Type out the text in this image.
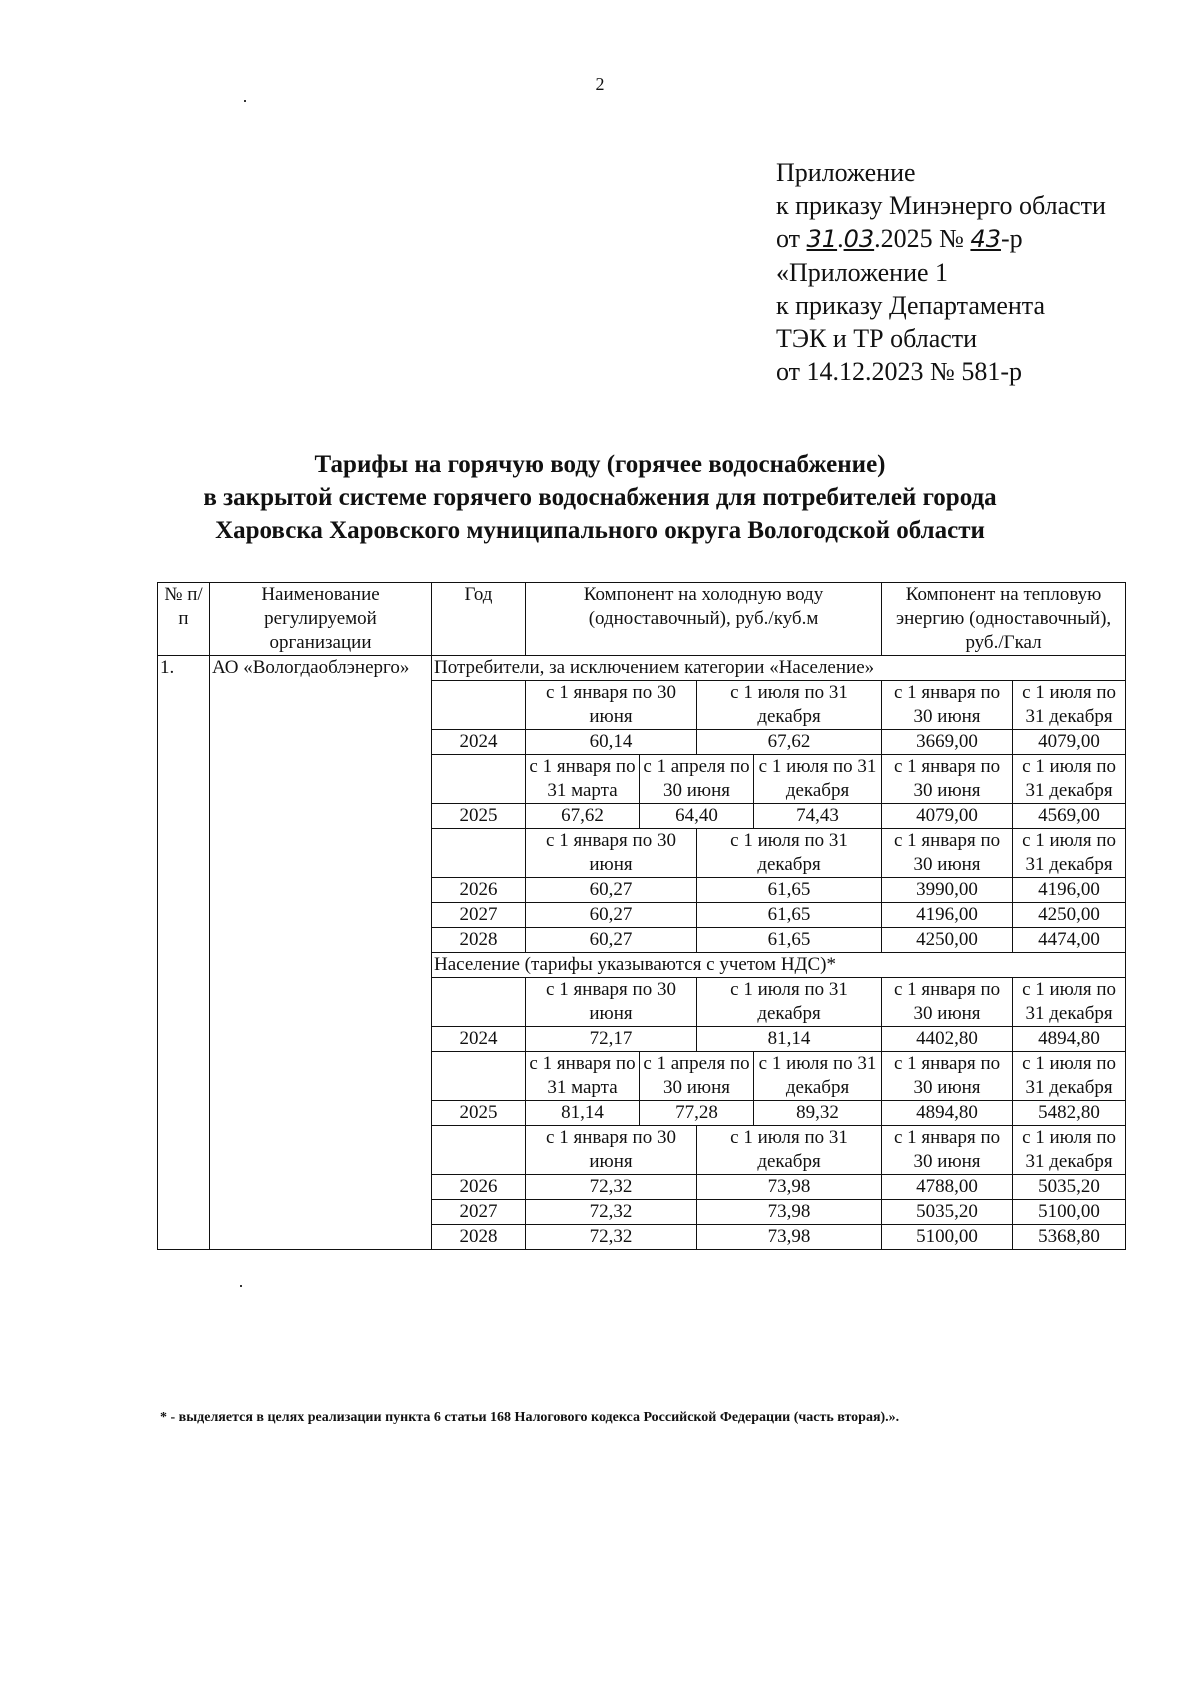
2
Приложение
к приказу Минэнерго области
от 31.03.2025 № 43-р
«Приложение 1
к приказу Департамента
ТЭК и ТР области
от 14.12.2023 № 581-р
Тарифы на горячую воду (горячее водоснабжение)
в закрытой системе горячего водоснабжения для потребителей города
Харовска Харовского муниципального округа Вологодской области
№ п/п	Наименование регулируемой организации	Год	Компонент на холодную воду (одноставочный), руб./куб.м				Компонент на тепловую энергию (одноставочный), руб./Гкал	
1.	АО «Вологдаоблэнерго»	Потребители, за исключением категории «Население»						
			с 1 января по 30 июня		с 1 июля по 31 декабря		с 1 января по 30 июня	с 1 июля по 31 декабря
		2024	60,14		67,62		3669,00	4079,00
			с 1 января по 31 марта	с 1 апреля по 30 июня		с 1 июля по 31 декабря	с 1 января по 30 июня	с 1 июля по 31 декабря
		2025	67,62	64,40		74,43	4079,00	4569,00
			с 1 января по 30 июня		с 1 июля по 31 декабря		с 1 января по 30 июня	с 1 июля по 31 декабря
		2026	60,27		61,65		3990,00	4196,00
		2027	60,27		61,65		4196,00	4250,00
		2028	60,27		61,65		4250,00	4474,00
		Население (тарифы указываются с учетом НДС)*						
			с 1 января по 30 июня		с 1 июля по 31 декабря		с 1 января по 30 июня	с 1 июля по 31 декабря
		2024	72,17		81,14		4402,80	4894,80
			с 1 января по 31 марта	с 1 апреля по 30 июня		с 1 июля по 31 декабря	с 1 января по 30 июня	с 1 июля по 31 декабря
		2025	81,14	77,28		89,32	4894,80	5482,80
			с 1 января по 30 июня		с 1 июля по 31 декабря		с 1 января по 30 июня	с 1 июля по 31 декабря
		2026	72,32		73,98		4788,00	5035,20
		2027	72,32		73,98		5035,20	5100,00
		2028	72,32		73,98		5100,00	5368,80
* - выделяется в целях реализации пункта 6 статьи 168 Налогового кодекса Российской Федерации (часть вторая).».
